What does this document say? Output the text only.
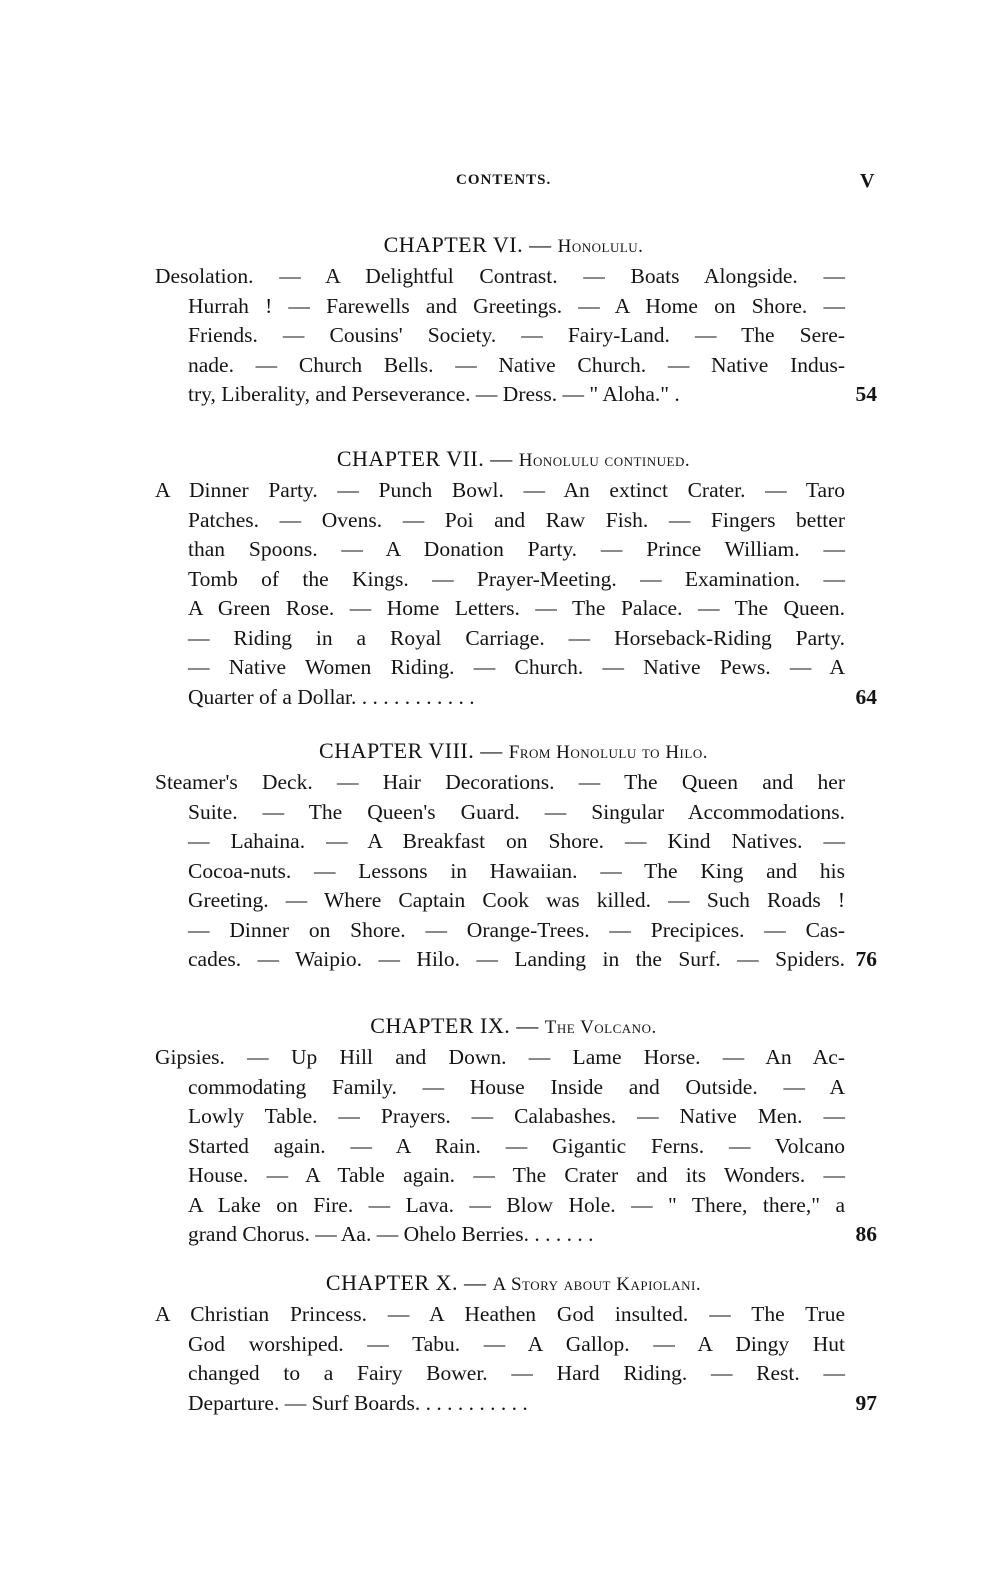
CONTENTS.	V
CHAPTER VI. — Honolulu.
Desolation. — A Delightful Contrast. — Boats Alongside. —
Hurrah ! — Farewells and Greetings. — A Home on Shore. —
Friends. — Cousins' Society. — Fairy-Land. — The Sere-
nade. — Church Bells. — Native Church. — Native Indus-
try, Liberality, and Perseverance. — Dress. — " Aloha." .	54
CHAPTER VII. — Honolulu continued.
A Dinner Party. — Punch Bowl. — An extinct Crater. — Taro
Patches. — Ovens. — Poi and Raw Fish. — Fingers better
than Spoons. — A Donation Party. — Prince William. —
Tomb of the Kings. — Prayer-Meeting. — Examination. —
A Green Rose. — Home Letters. — The Palace. — The Queen.
— Riding in a Royal Carriage. — Horseback-Riding Party.
— Native Women Riding. — Church. — Native Pews. — A
Quarter of a Dollar. . . . . . . . . . . .	64
CHAPTER VIII. — From Honolulu to Hilo.
Steamer's Deck. — Hair Decorations. — The Queen and her
Suite. — The Queen's Guard. — Singular Accommodations.
— Lahaina. — A Breakfast on Shore. — Kind Natives. —
Cocoa-nuts. — Lessons in Hawaiian. — The King and his
Greeting. — Where Captain Cook was killed. — Such Roads !
— Dinner on Shore. — Orange-Trees. — Precipices. — Cas-
cades. — Waipio. — Hilo. — Landing in the Surf. — Spiders. 76
CHAPTER IX. — The Volcano.
Gipsies. — Up Hill and Down. — Lame Horse. — An Ac-
commodating Family. — House Inside and Outside. — A
Lowly Table. — Prayers. — Calabashes. — Native Men. —
Started again. — A Rain. — Gigantic Ferns. — Volcano
House. — A Table again. — The Crater and its Wonders. —
A Lake on Fire. — Lava. — Blow Hole. — " There, there," a
grand Chorus. — Aa. — Ohelo Berries. . . . . . .	86
CHAPTER X. — A Story about Kapiolani.
A Christian Princess. — A Heathen God insulted. — The True
God worshiped. — Tabu. — A Gallop. — A Dingy Hut
changed to a Fairy Bower. — Hard Riding. — Rest. —
Departure. — Surf Boards. . . . . . . . . . .	97
